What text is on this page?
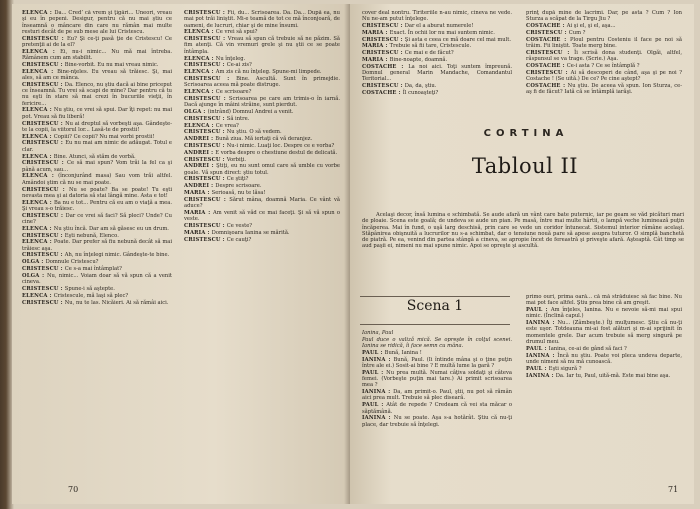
ELENCA : Da... Credʼ că vrem şi ţigări... Uneori, vreau şi eu în pepeni. Desigur, pentru că nu mai ştiu ce înseamnă o mâncare din care nu rămân mai multe resturi decât de pe sub mese ale lui Cristescu.

CRISTESCU : Eu? Şi ce-ţi pasă ţie de Cristescu! Ce pretenţii ai de la el?

ELENCA : Ei, nu-i nimic... Nu mă mai întreba. Rămânem cum am stabilit.

CRISTESCU : Bine-vorbit. Eu nu mai vreau nimic.

ELENCA : Bine-nţeles. Eu vreau să trăiesc. Şi, mai ales, să am ce mânca.

CRISTESCU : Da. Elenco, nu ştiu dacă ai bine priceput ce înseamnă. Tu vrei să scapi de mine? Dar pentru că tu nu eşti în stare să mai crezi în bucuriile vieţii, în fericire...

ELENCA : Nu ştiu, ce vrei să spui. Dar îţi repet: nu mai pot. Vreau să fiu liberă!

CRISTESCU : Nu ai dreptul să vorbeşti aşa. Gândeşte-te la copii, la viitorul lor... Lasă-te de prostii!

ELENCA : Copiii? Ce copii? Nu mai vorbi prostii!

CRISTESCU : Eu nu mai am nimic de adăugat. Totul e clar.

ELENCA : Bine. Atunci, să stăm de vorbă.

CRISTESCU : Ce să mai spun? Vom trăi la fel ca şi până acum, sau...

ELENCA : (înconjurând masa) Sau vom trăi altfel. Amândoi ştim că nu se mai poate.

CRISTESCU : Nu se poate? Ba se poate! Tu eşti nevasta mea şi ai datoria să stai lângă mine. Asta e tot!

ELENCA : Ba nu e tot... Pentru că eu am o viaţă a mea. Şi vreau s-o trăiesc.

CRISTESCU : Dar ce vrei să faci? Să pleci? Unde? Cu cine?

ELENCA : Nu ştiu încă. Dar am să găsesc eu un drum.

CRISTESCU : Eşti nebună, Elenco.

ELENCA : Poate. Dar prefer să fiu nebună decât să mai trăiesc aşa.

CRISTESCU : Ah, nu înţelegi nimic. Gândeşte-te bine.

OLGA : Domnule Cristescu?

CRISTESCU : Ce s-a mai întâmplat?

OLGA : Nu, nimic... Voiam doar să vă spun că a venit cineva.

CRISTESCU : Spune-i să aştepte.

ELENCA : Cristescule, mă laşi să plec?

CRISTESCU : Nu, nu te las. Nicăieri. Ai să rămâi aici.

CRISTESCU : Fii, du... Scrisoarea. Da. Da... După ea, nu mai pot trăi liniştit. Mi-e teamă de tot ce mă înconjoară, de oameni, de lucruri, chiar şi de mine însumi.

ELENCA : Ce vrei să spui?

CRISTESCU : Vreau să spun că trebuie să ne păzim. Să fim atenţi. Că vin vremuri grele şi nu ştii ce se poate întâmpla.

ELENCA : Nu înţeleg.

CRISTESCU : Ce-ai zis?

ELENCA : Am zis că nu înţeleg. Spune-mi limpede.

CRISTESCU : Bine. Ascultă. Sunt în primejdie. Scrisoarea aceea mă poate distruge.

ELENCA : Ce scrisoare?

CRISTESCU : Scrisoarea pe care am trimis-o în iarnă. Dacă ajunge în mâini străine, sunt pierdut.

OLGA : (intrând) Domnul Andrei a venit.

CRISTESCU : Să intre.

ELENCA : Ce vrea?

CRISTESCU : Nu ştiu. O să vedem.

ANDREI : Bună ziua. Mă iertaţi că vă deranjez.

CRISTESCU : Nu-i nimic. Luaţi loc. Despre ce e vorba?

ANDREI : E vorba despre o chestiune destul de delicată.

CRISTESCU : Vorbiţi.

ANDREI : Ştiţi, eu nu sunt omul care să umble cu vorbe goale. Vă spun direct: ştiu totul.

CRISTESCU : Ce ştiţi?

ANDREI : Despre scrisoare.

MARIA : Serioasă, nu te lăsa!

CRISTESCU : Sărut mâna, doamnă Maria. Ce vânt vă aduce?

MARIA : Am venit să văd ce mai faceţi. Şi să vă spun o veste.

CRISTESCU : Ce veste?

MARIA : Domnişoara Ianina se mărită.

CRISTESCU : Ce cauţi?

70

cover deal nontru. Tiriteriile n-au nimic, cineva ne vede. Nu ne-am putut înţelege.

CRISTESCU : Dar el a aburat numerele!

MARIA : Exact. În ochii lor nu mai suntem nimic.

CRISTESCU : Şi asta e ceea ce mă doare cel mai mult.

MARIA : Trebuie să fii tare, Cristescule.

CRISTESCU : Ce mai e de făcut?

MARIA : Bine-noapte, doamnă.

COSTACHE : La noi aici. Toţi suntem împreună. Domnul general Marin Mandache, Comandantul Teritorial...

CRISTESCU : Da, da, ştiu.

COSTACHE : Îl cunoaşteţi?

prinţ după mine de lacrimi. Dar, pe asta ? Cum ? Ion Sturza a scăpat de la Tirgu Jiu ?

COSTACHE : Ai şi el, şi el, aşa...

CRISTESCU : Cum ?

COSTACHE : Ploul pentru Costeniu il face pe noi să trăim. Fii liniştit. Toate merg bine.

CRISTESCU : Îi scrisă dona studenţi. Olgăi, altfel, răspunsul se va trage. (Scrie.) Aşa.

COSTACHE : Ce-i asta ? Ce se întâmplă ?

CRISTESCU : Ai să descoperi de când, aşa şi pe noi ? Costache ! (Se uită.) De ce? Pe cine aştept?

COSTACHE : Nu ştiu. De aceea vă spun. Ion Sturza, ce-aş fi de făcut? Iată că se întâmplă iarăşi.

CORTINA
Tabloul II
Acelaşi decor, însă lumina e schimbată. Se aude afară un vânt care bate puternic, iar pe geam se văd picături mari de ploaie. Scena este goală; de undeva se aude un pian. Pe masă, între mai multe hârtii, o lampă veche luminează puţin încăperea. Mai în fund, o uşă larg deschisă, prin care se vede un coridor întunecat. Sistemul interior rămâne acelaşi. Stăpânirea obişnuită a lucrurilor nu s-a schimbat, dar o tensiune nouă pare să apese asupra tuturor. O simplă banchetă de piatră. Pe ea, venind din partea stângă a cineva, se apropie încet de fereastră şi priveşte afară. Aşteaptă. Cât timp se aud paşii ei, nimeni nu mai spune nimic. Apoi se opreşte şi ascultă.
Scena 1

Ianina, Paul

Paul duce o valiză mică. Se opreşte în colţul scenei. Ianina se ridică, îi face semn cu mâna.

PAUL : Bună, Ianina !

IANINA : Bună, Paul. (Ii întinde mâna şi o ţine puţin între ale ei.) Sosit-ai bine ? E multă lume la gară ?

PAUL : Nu prea multă. Numai câţiva soldaţi şi câteva femei. (Vorbeşte puţin mai tare.) Ai primit scrisoarea mea ?

IANINA : Da, am primit-o. Paul, ştii, nu pot să rămân aici prea mult. Trebuie să plec diseară.

PAUL : Atât de repede ? Credeam că vei sta măcar o săptămână.

IANINA : Nu se poate. Aşa s-a hotărât. Ştiu că nu-ţi place, dar trebuie să înţelegi.

primo ouri, prima oară... că mă străduiesc să fac bine. Nu mai pot face altfel. Ştiu prea bine că am greşit.

PAUL : Am înţeles, Ianina. Nu e nevoie să-mi mai spui nimic. (Înclină capul.)

IANINA : Nu... (Zâmbeşte.) Îţi mulţumesc. Ştiu că nu-ţi este uşor. Totdeauna mi-ai fost alături şi m-ai sprijinit în momentele grele. Dar acum trebuie să merg singură pe drumul meu.

PAUL : Ianina, ce-ai de gând să faci ?

IANINA : Încă nu ştiu. Poate voi pleca undeva departe, unde nimeni să nu mă cunoască.

PAUL : Eşti sigură ?

IANINA : Da. Iar tu, Paul, uită-mă. Este mai bine aşa.

71
